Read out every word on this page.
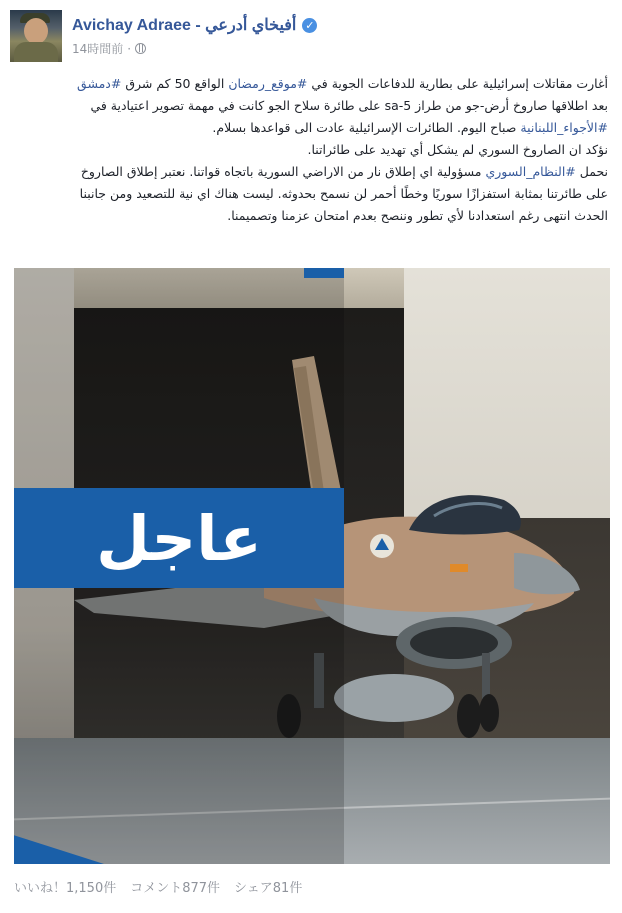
Avichay Adraee - أفيخاي أدرعي ✓
14時間前 ·

أغارت مقاتلات إسرائيلية على بطارية للدفاعات الجوية في #موقع_رمضان الواقع 50 كم شرق #دمشق

بعد اطلاقها صاروخ أرض-جو من طراز sa-5 على طائرة سلاح الجو كانت في مهمة تصوير اعتيادية في

#الأجواء_اللبنانية صباح اليوم. الطائرات الإسرائيلية عادت الى قواعدها بسلام.

نؤكد ان الصاروخ السوري لم يشكل أي تهديد على طائراتنا.

نحمل #النظام_السوري مسؤولية اي إطلاق نار من الاراضي السورية باتجاه قواتنا. نعتبر إطلاق الصاروخ

على طائرتنا بمثابة استفزازًا سوريًا وخطًا أحمر لن نسمح بحدوثه. ليست هناك اي نية للتصعيد ومن جانبنا

الحدث انتهى رغم استعدادنا لأي تطور وننصح بعدم امتحان عزمنا وتصميمنا.

عاجل
いいね！1,150件 コメント877件 シェア81件
